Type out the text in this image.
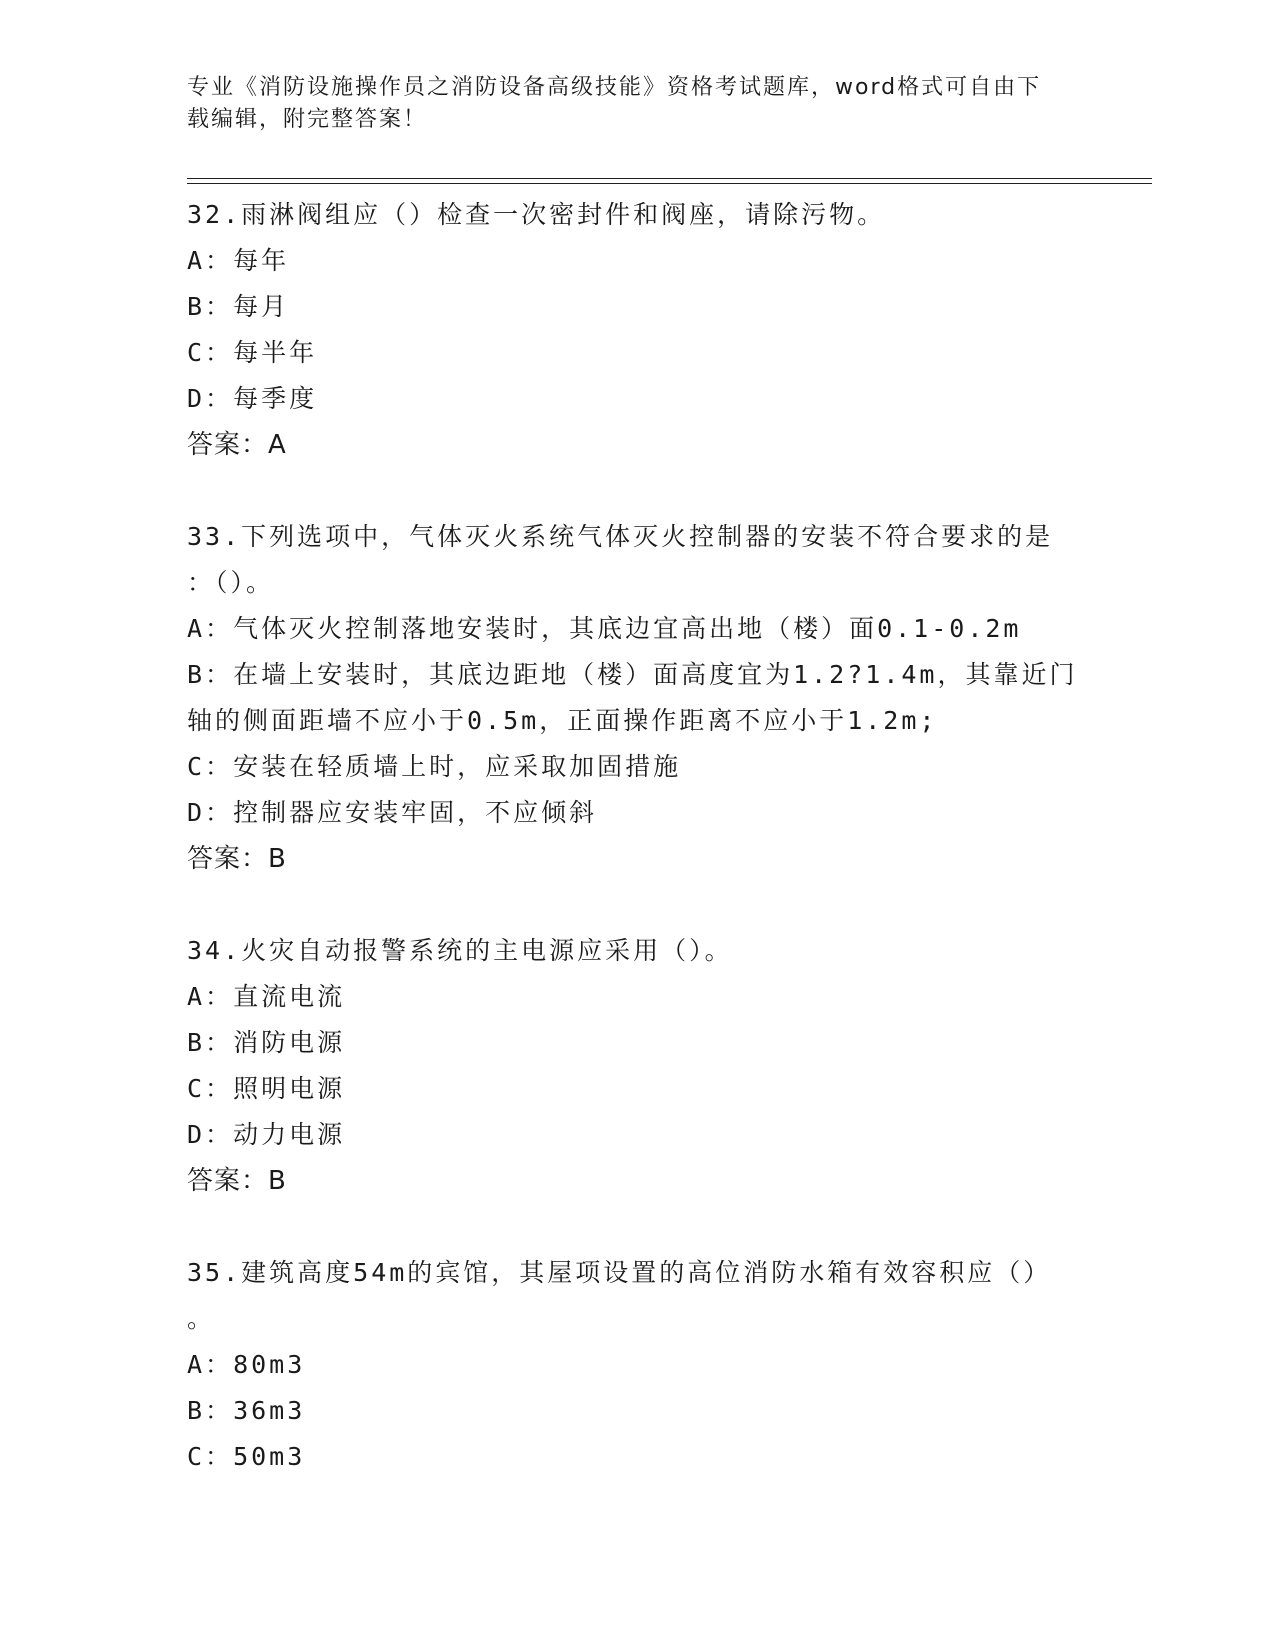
专业《消防设施操作员之消防设备高级技能》资格考试题库，word格式可自由下

载编辑，附完整答案！

32.雨淋阀组应（）检查一次密封件和阀座，请除污物。

A：每年

B：每月

C：每半年

D：每季度

答案：A

33.下列选项中，气体灭火系统气体灭火控制器的安装不符合要求的是

：（）。

A：气体灭火控制落地安装时，其底边宜高出地（楼）面0.1-0.2m

B：在墙上安装时，其底边距地（楼）面高度宜为1.2?1.4m，其靠近门

轴的侧面距墙不应小于0.5m，正面操作距离不应小于1.2m;

C：安装在轻质墙上时，应采取加固措施

D：控制器应安装牢固，不应倾斜

答案：B

34.火灾自动报警系统的主电源应采用（）。

A：直流电流

B：消防电源

C：照明电源

D：动力电源

答案：B

35.建筑高度54m的宾馆，其屋项设置的高位消防水箱有效容积应（）

。

A：80m3

B：36m3

C：50m3
